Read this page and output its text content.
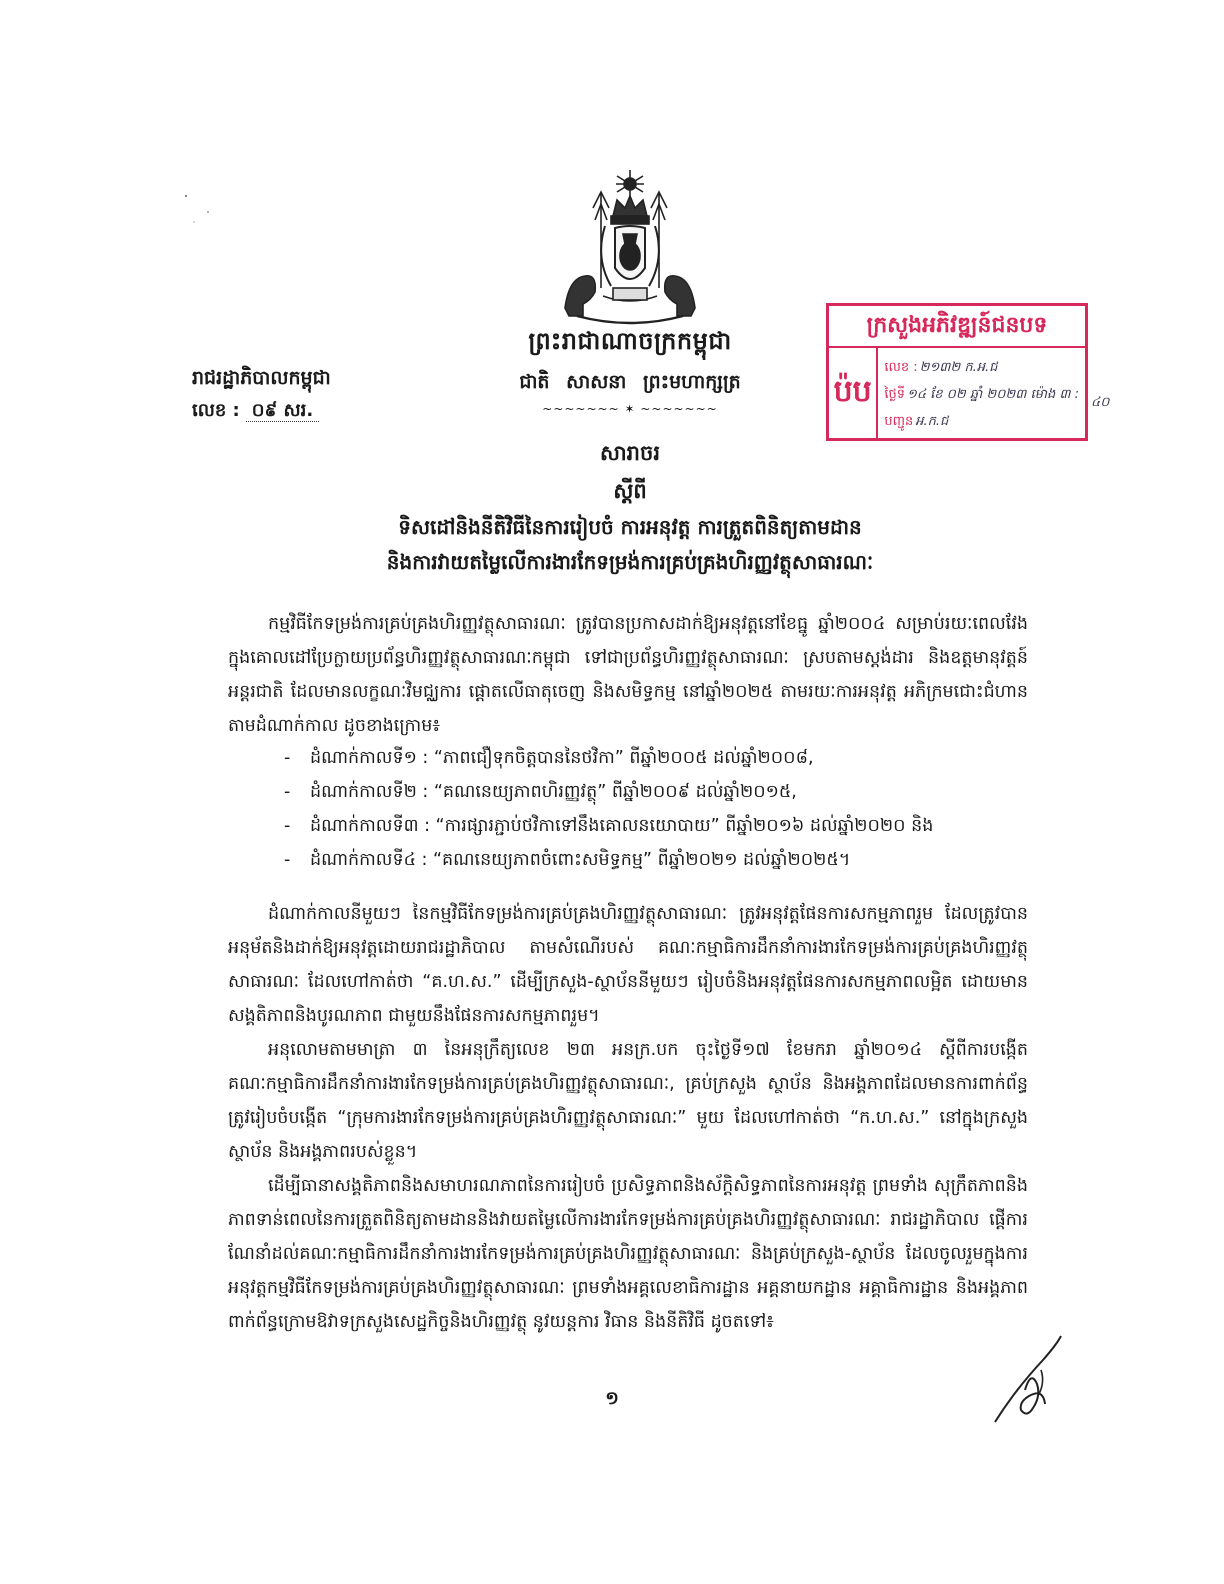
ព្រះរាជាណាចក្រកម្ពុជា
ជាតិ សាសនា ព្រះមហាក្សត្រ
~~~~~~~ ✶ ~~~~~~~
រាជរដ្ឋាភិបាលកម្ពុជា
លេខ : ០៩ សរ.
ក្រសួងអភិវឌ្ឍន៍ជនបទ
ប៉ប
លេខ : ២១៣២ ក.អ.ជ
ថ្ងៃទី ១៤ ខែ ០២ ឆ្នាំ ២០២៣ ម៉ោង ៣ :
បញ្ជូន អ.ក.ជ
៤០
សារាចរ
ស្តីពី
ទិសដៅនិងនីតិវិធីនៃការរៀបចំ ការអនុវត្ត ការត្រួតពិនិត្យតាមដាន
និងការវាយតម្លៃលើការងារកែទម្រង់ការគ្រប់គ្រងហិរញ្ញវត្ថុសាធារណៈ
កម្មវិធីកែទម្រង់ការគ្រប់គ្រងហិរញ្ញវត្ថុសាធារណៈ ត្រូវបានប្រកាសដាក់ឱ្យអនុវត្តនៅខែធ្នូ ឆ្នាំ២០០៤ សម្រាប់រយៈពេលវែង ក្នុងគោលដៅប្រែក្លាយប្រព័ន្ធហិរញ្ញវត្ថុសាធារណៈកម្ពុជា ទៅជាប្រព័ន្ធហិរញ្ញវត្ថុសាធារណៈ ស្របតាមស្តង់ដារ និងឧត្តមានុវត្តន៍អន្តរជាតិ ដែលមានលក្ខណៈវិមជ្ឈការ ផ្តោតលើធាតុចេញ និងសមិទ្ធកម្ម នៅឆ្នាំ២០២៥ តាមរយៈការអនុវត្ត អភិក្រមជោះជំហាន តាមដំណាក់កាល ដូចខាងក្រោម៖
-	ដំណាក់កាលទី១ : “ភាពជឿទុកចិត្តបាននៃថវិកា” ពីឆ្នាំ២០០៥ ដល់ឆ្នាំ២០០៨,
-	ដំណាក់កាលទី២ : “គណនេយ្យភាពហិរញ្ញវត្ថុ” ពីឆ្នាំ២០០៩ ដល់ឆ្នាំ២០១៥,
-	ដំណាក់កាលទី៣ : “ការផ្សារភ្ជាប់ថវិកាទៅនឹងគោលនយោបាយ” ពីឆ្នាំ២០១៦ ដល់ឆ្នាំ២០២០ និង
-	ដំណាក់កាលទី៤ : “គណនេយ្យភាពចំពោះសមិទ្ធកម្ម” ពីឆ្នាំ២០២១ ដល់ឆ្នាំ២០២៥។
ដំណាក់កាលនីមួយៗ នៃកម្មវិធីកែទម្រង់ការគ្រប់គ្រងហិរញ្ញវត្ថុសាធារណៈ ត្រូវអនុវត្តផែនការសកម្មភាពរួម ដែលត្រូវបានអនុម័តនិងដាក់ឱ្យអនុវត្តដោយរាជរដ្ឋាភិបាល តាមសំណើរបស់ គណៈកម្មាធិការដឹកនាំការងារកែទម្រង់ការគ្រប់គ្រងហិរញ្ញវត្ថុសាធារណៈ ដែលហៅកាត់ថា “គ.ហ.ស.” ដើម្បីក្រសួង-ស្ថាប័ននីមួយៗ រៀបចំនិងអនុវត្តផែនការសកម្មភាពលម្អិត ដោយមានសង្គតិភាពនិងបូរណភាព ជាមួយនឹងផែនការសកម្មភាពរួម។
អនុលោមតាមមាត្រា ៣ នៃអនុក្រឹត្យលេខ ២៣ អនក្រ.បក ចុះថ្ងៃទី១៧ ខែមករា ឆ្នាំ២០១៤ ស្តីពីការបង្កើតគណៈកម្មាធិការដឹកនាំការងារកែទម្រង់ការគ្រប់គ្រងហិរញ្ញវត្ថុសាធារណៈ, គ្រប់ក្រសួង ស្ថាប័ន និងអង្គភាពដែលមានការពាក់ព័ន្ធ ត្រូវរៀបចំបង្កើត “ក្រុមការងារកែទម្រង់ការគ្រប់គ្រងហិរញ្ញវត្ថុសាធារណៈ” មួយ ដែលហៅកាត់ថា “ក.ហ.ស.” នៅក្នុងក្រសួង ស្ថាប័ន និងអង្គភាពរបស់ខ្លួន។
ដើម្បីធានាសង្គតិភាពនិងសមាហរណភាពនៃការរៀបចំ ប្រសិទ្ធភាពនិងស័ក្តិសិទ្ធភាពនៃការអនុវត្ត ព្រមទាំង សុក្រឹតភាពនិងភាពទាន់ពេលនៃការត្រួតពិនិត្យតាមដាននិងវាយតម្លៃលើការងារកែទម្រង់ការគ្រប់គ្រងហិរញ្ញវត្ថុសាធារណៈ រាជរដ្ឋាភិបាល ផ្តើការណែនាំដល់គណៈកម្មាធិការដឹកនាំការងារកែទម្រង់ការគ្រប់គ្រងហិរញ្ញវត្ថុសាធារណៈ និងគ្រប់ក្រសួង-ស្ថាប័ន ដែលចូលរួមក្នុងការអនុវត្តកម្មវិធីកែទម្រង់ការគ្រប់គ្រងហិរញ្ញវត្ថុសាធារណៈ ព្រមទាំងអគ្គលេខាធិការដ្ឋាន អគ្គនាយកដ្ឋាន អគ្គាធិការដ្ឋាន និងអង្គភាពពាក់ព័ន្ធក្រោមឱវាទក្រសួងសេដ្ឋកិច្ចនិងហិរញ្ញវត្ថុ នូវយន្តការ វិធាន និងនីតិវិធី ដូចតទៅ៖
១
